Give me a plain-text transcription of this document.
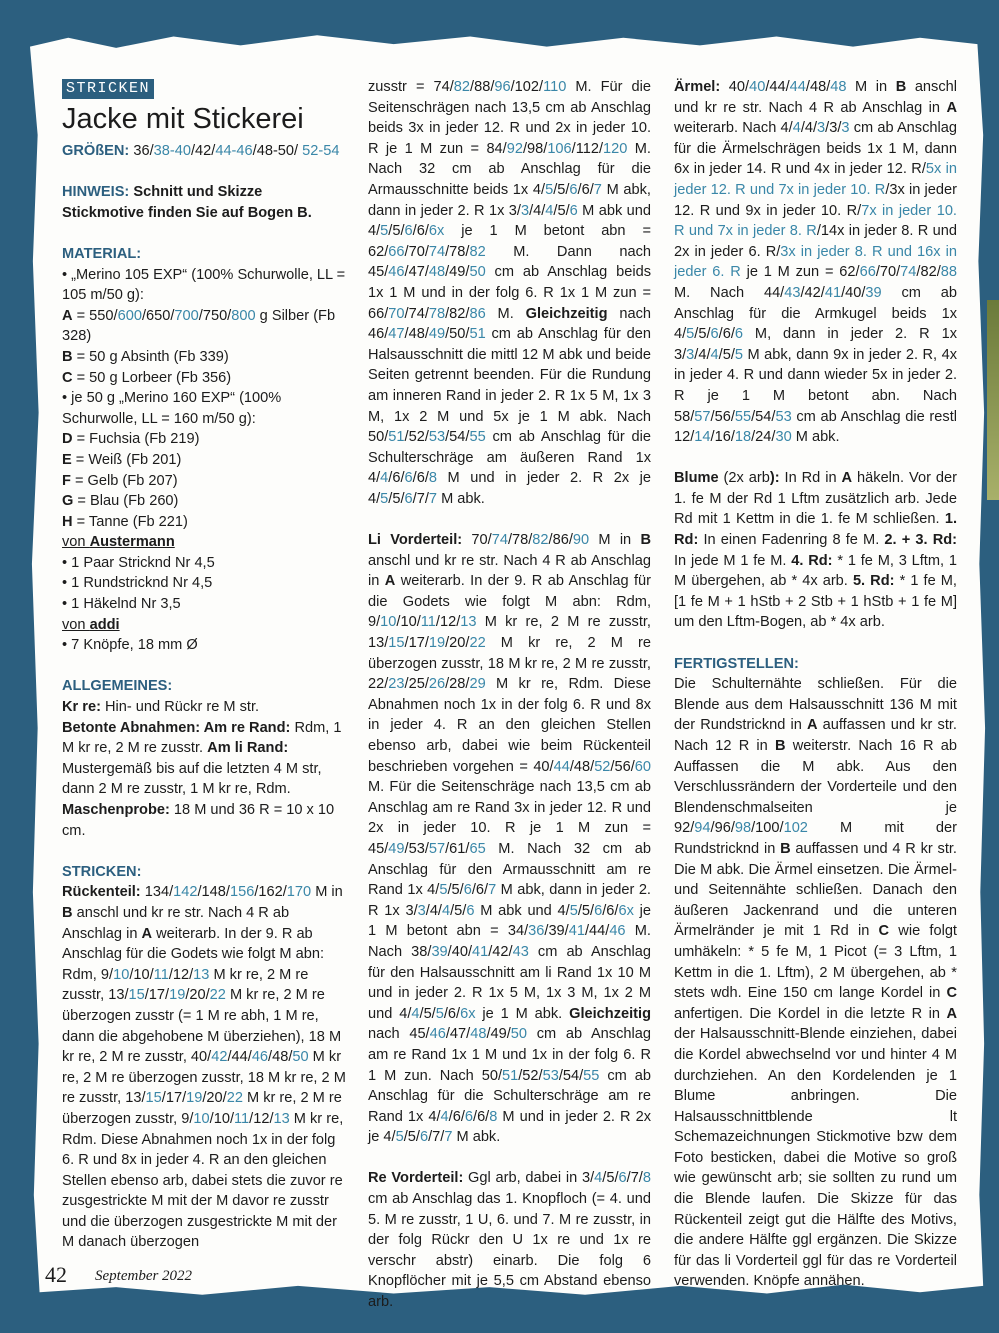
STRICKEN
Jacke mit Stickerei
GRÖßEN: 36/38-40/42/44-46/48-50/ 52-54
HINWEIS: Schnitt und Skizze Stickmotive finden Sie auf Bogen B.
MATERIAL:
• „Merino 105 EXP“ (100% Schurwolle, LL = 105 m/50 g):
A = 550/600/650/700/750/800 g Silber (Fb 328)
B = 50 g Absinth (Fb 339)
C = 50 g Lorbeer (Fb 356)
• je 50 g „Merino 160 EXP“ (100% Schurwolle, LL = 160 m/50 g):
D = Fuchsia (Fb 219)
E = Weiß (Fb 201)
F = Gelb (Fb 207)
G = Blau (Fb 260)
H = Tanne (Fb 221)
von Austermann
• 1 Paar Stricknd Nr 4,5
• 1 Rundstricknd Nr 4,5
• 1 Häkelnd Nr 3,5
von addi
• 7 Knöpfe, 18 mm Ø
ALLGEMEINES:
Kr re: Hin- und Rückr re M str.
Betonte Abnahmen: Am re Rand: Rdm, 1 M kr re, 2 M re zusstr. Am li Rand: Mustergemäß bis auf die letzten 4 M str, dann 2 M re zusstr, 1 M kr re, Rdm.
Maschenprobe: 18 M und 36 R = 10 x 10 cm.
STRICKEN:
Rückenteil: 134/142/148/156/162/170 M in B anschl und kr re str. Nach 4 R ab Anschlag in A weiterarb. In der 9. R ab Anschlag für die Godets wie folgt M abn: Rdm, 9/10/10/11/12/13 M kr re, 2 M re zusstr, 13/15/17/19/20/22 M kr re, 2 M re überzogen zusstr (= 1 M re abh, 1 M re, dann die abgehobene M überziehen), 18 M kr re, 2 M re zusstr, 40/42/44/46/48/50 M kr re, 2 M re überzogen zusstr, 18 M kr re, 2 M re zusstr, 13/15/17/19/20/22 M kr re, 2 M re überzogen zusstr, 9/10/10/11/12/13 M kr re, Rdm. Diese Abnahmen noch 1x in der folg 6. R und 8x in jeder 4. R an den gleichen Stellen ebenso arb, dabei stets die zuvor re zusgestrickte M mit der M davor re zusstr und die überzogen zusgestrickte M mit der M danach überzogen

zusstr = 74/82/88/96/102/110 M. Für die Seitenschrägen nach 13,5 cm ab Anschlag beids 3x in jeder 12. R und 2x in jeder 10. R je 1 M zun = 84/92/98/106/112/120 M. Nach 32 cm ab Anschlag für die Armausschnitte beids 1x 4/5/5/6/6/7 M abk, dann in jeder 2. R 1x 3/3/4/4/5/6 M abk und 4/5/5/6/6/6x je 1 M betont abn = 62/66/70/74/78/82 M. Dann nach 45/46/47/48/49/50 cm ab Anschlag beids 1x 1 M und in der folg 6. R 1x 1 M zun = 66/70/74/78/82/86 M. Gleichzeitig nach 46/47/48/49/50/51 cm ab Anschlag für den Halsausschnitt die mittl 12 M abk und beide Seiten getrennt beenden. Für die Rundung am inneren Rand in jeder 2. R 1x 5 M, 1x 3 M, 1x 2 M und 5x je 1 M abk. Nach 50/51/52/53/54/55 cm ab Anschlag für die Schulterschräge am äußeren Rand 1x 4/4/6/6/6/8 M und in jeder 2. R 2x je 4/5/5/6/7/7 M abk.

Li Vorderteil: 70/74/78/82/86/90 M in B anschl und kr re str. Nach 4 R ab Anschlag in A weiterarb. In der 9. R ab Anschlag für die Godets wie folgt M abn: Rdm, 9/10/10/11/12/13 M kr re, 2 M re zusstr, 13/15/17/19/20/22 M kr re, 2 M re überzogen zusstr, 18 M kr re, 2 M re zusstr, 22/23/25/26/28/29 M kr re, Rdm. Diese Abnahmen noch 1x in der folg 6. R und 8x in jeder 4. R an den gleichen Stellen ebenso arb, dabei wie beim Rückenteil beschrieben vorgehen = 40/44/48/52/56/60 M. Für die Seitenschräge nach 13,5 cm ab Anschlag am re Rand 3x in jeder 12. R und 2x in jeder 10. R je 1 M zun = 45/49/53/57/61/65 M. Nach 32 cm ab Anschlag für den Armausschnitt am re Rand 1x 4/5/5/6/6/7 M abk, dann in jeder 2. R 1x 3/3/4/4/5/6 M abk und 4/5/5/6/6/6x je 1 M betont abn = 34/36/39/41/44/46 M. Nach 38/39/40/41/42/43 cm ab Anschlag für den Halsausschnitt am li Rand 1x 10 M und in jeder 2. R 1x 5 M, 1x 3 M, 1x 2 M und 4/4/5/5/6/6x je 1 M abk. Gleichzeitig nach 45/46/47/48/49/50 cm ab Anschlag am re Rand 1x 1 M und 1x in der folg 6. R 1 M zun. Nach 50/51/52/53/54/55 cm ab Anschlag für die Schulterschräge am re Rand 1x 4/4/6/6/6/8 M und in jeder 2. R 2x je 4/5/5/6/7/7 M abk.

Re Vorderteil: Ggl arb, dabei in 3/4/5/6/7/8 cm ab Anschlag das 1. Knopfloch (= 4. und 5. M re zusstr, 1 U, 6. und 7. M re zusstr, in der folg Rückr den U 1x re und 1x re verschr abstr) einarb. Die folg 6 Knopflöcher mit je 5,5 cm Abstand ebenso arb.

Ärmel: 40/40/44/44/48/48 M in B anschl und kr re str. Nach 4 R ab Anschlag in A weiterarb. Nach 4/4/4/3/3/3 cm ab Anschlag für die Ärmelschrägen beids 1x 1 M, dann 6x in jeder 14. R und 4x in jeder 12. R/5x in jeder 12. R und 7x in jeder 10. R/3x in jeder 12. R und 9x in jeder 10. R/7x in jeder 10. R und 7x in jeder 8. R/14x in jeder 8. R und 2x in jeder 6. R/3x in jeder 8. R und 16x in jeder 6. R je 1 M zun = 62/66/70/74/82/88 M. Nach 44/43/42/41/40/39 cm ab Anschlag für die Armkugel beids 1x 4/5/5/6/6/6 M, dann in jeder 2. R 1x 3/3/4/4/5/5 M abk, dann 9x in jeder 2. R, 4x in jeder 4. R und dann wieder 5x in jeder 2. R je 1 M betont abn. Nach 58/57/56/55/54/53 cm ab Anschlag die restl 12/14/16/18/24/30 M abk.

Blume (2x arb): In Rd in A häkeln. Vor der 1. fe M der Rd 1 Lftm zusätzlich arb. Jede Rd mit 1 Kettm in die 1. fe M schließen. 1. Rd: In einen Fadenring 8 fe M. 2. + 3. Rd: In jede M 1 fe M. 4. Rd: * 1 fe M, 3 Lftm, 1 M übergehen, ab * 4x arb. 5. Rd: * 1 fe M, [1 fe M + 1 hStb + 2 Stb + 1 hStb + 1 fe M] um den Lftm-Bogen, ab * 4x arb.

FERTIGSTELLEN:
Die Schulternähte schließen. Für die Blende aus dem Halsausschnitt 136 M mit der Rundstricknd in A auffassen und kr str. Nach 12 R in B weiterstr. Nach 16 R ab Auffassen die M abk. Aus den Verschlussrändern der Vorderteile und den Blendenschmalseiten je 92/94/96/98/100/102 M mit der Rundstricknd in B auffassen und 4 R kr str. Die M abk. Die Ärmel einsetzen. Die Ärmel- und Seitennähte schließen. Danach den äußeren Jackenrand und die unteren Ärmelränder je mit 1 Rd in C wie folgt umhäkeln: * 5 fe M, 1 Picot (= 3 Lftm, 1 Kettm in die 1. Lftm), 2 M übergehen, ab * stets wdh. Eine 150 cm lange Kordel in C anfertigen. Die Kordel in die letzte R in A der Halsausschnitt-Blende einziehen, dabei die Kordel abwechselnd vor und hinter 4 M durchziehen. An den Kordelenden je 1 Blume anbringen. Die Halsausschnittblende lt Schemazeichnungen Stickmotive bzw dem Foto besticken, dabei die Motive so groß wie gewünscht arb; sie sollten zu rund um die Blende laufen. Die Skizze für das Rückenteil zeigt gut die Hälfte des Motivs, die andere Hälfte ggl ergänzen. Die Skizze für das li Vorderteil ggl für das re Vorderteil verwenden. Knöpfe annähen.

42 September 2022
